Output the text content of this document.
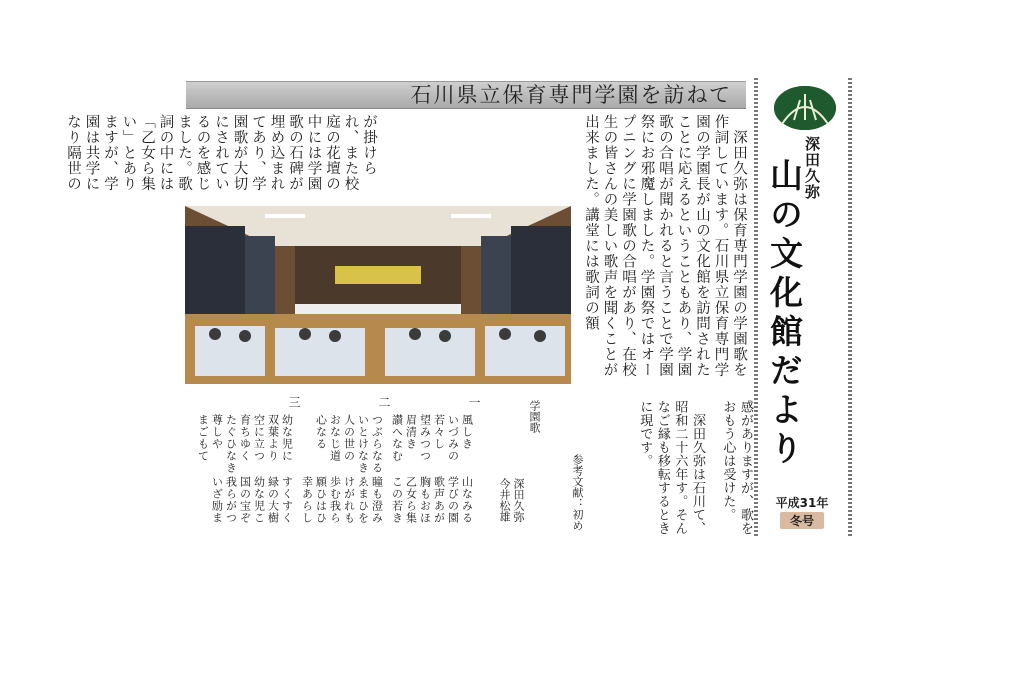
石川県立保育専門学園を訪ねて
深田久弥
山の文化館だより
平成31年
冬号
　深田久弥は保育専門学園の学園歌を作詞しています。石川県立保育専門学園の学園長が山の文化館を訪問されたことに応えるということもあり、学園歌の合唱が聞かれると言うことで学園祭にお邪魔しました。学園祭ではオープニングに学園歌の合唱があり、在校生の皆さんの美しい歌声を聞くことが出来ました。講堂には歌詞の額
が掛けられ、また校庭の花壇の中には学園歌の石碑が埋め込まれてあり、学園歌が大切にされているのを感じました。歌詞の中には「乙女ら集い」とありますが、学園は共学になり隔世の
感がありますが、歌をおもう心は受けた。
　深田久弥は石川て、昭和二十六年す。そんなご縁も移転するときに現です。
参考文献：初め
学園歌
深田久弥
今井松雄
一
二
三
風しき
いづみの
若々し
望みつつ
眉清き
讃へなむ
つぶらなる
いとけなき
人の世の
おなじ道
心なる
幼な児に
双葉より
空に立つ
育ちゆく
たぐひなき
尊しや
まごもて
山なみる
学びの園
歌声あが
胸もおほ
乙女ら集
この若き
瞳も澄み
ゑまひを
けがれも
歩む我ら
願ひはひ
幸あらし
すくすく
緑の大樹
幼な児こ
国の宝ぞ
我らがつ
いざ励ま
